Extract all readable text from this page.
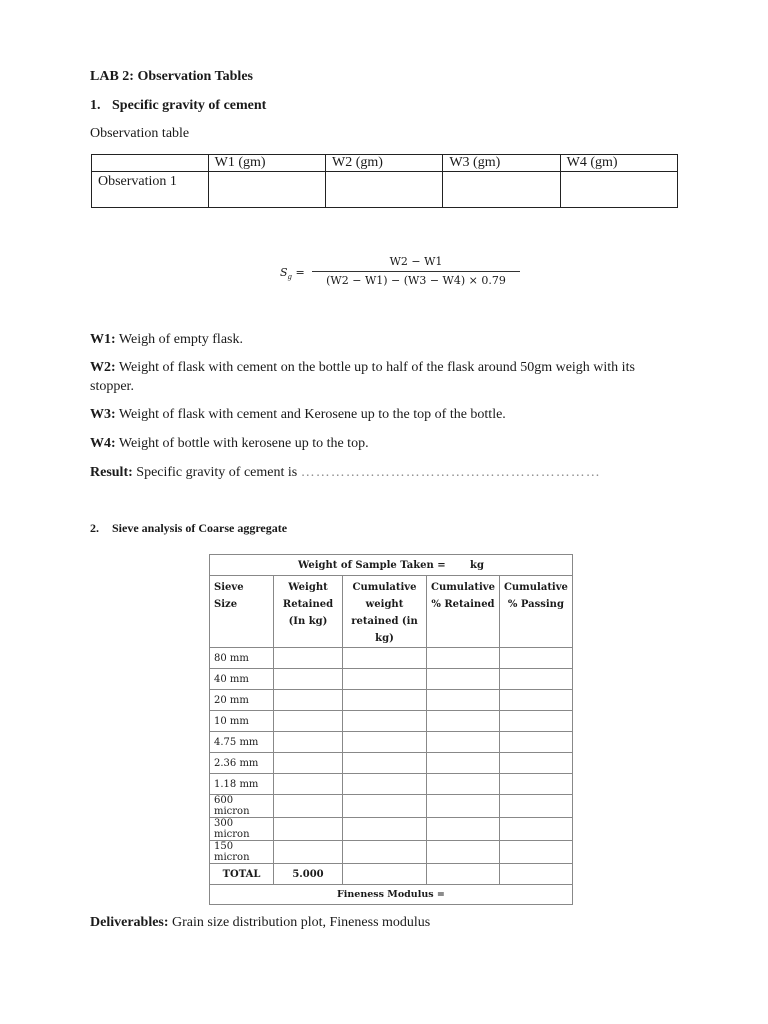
LAB 2: Observation Tables
1. Specific gravity of cement
Observation table
	W1 (gm)	W2 (gm)	W3 (gm)	W4 (gm)
Observation 1				
$S_g$ =
W2 − W1
(W2 − W1) − (W3 − W4) × 0.79
W1: Weigh of empty flask.
W2: Weight of flask with cement on the bottle up to half of the flask around 50gm weigh with its stopper.
W3: Weight of flask with cement and Kerosene up to the top of the bottle.
W4: Weight of bottle with kerosene up to the top.
Result: Specific gravity of cement is ……………………………………………………
2. Sieve analysis of Coarse aggregate
Weight of Sample Taken = kg				
Sieve Size	Weight Retained (In kg)	Cumulative weight retained (in kg)	Cumulative % Retained	Cumulative % Passing
80 mm				
40 mm				
20 mm				
10 mm				
4.75 mm				
2.36 mm				
1.18 mm				
600 micron				
300 micron				
150 micron				
TOTAL	5.000			
Fineness Modulus =				
Deliverables: Grain size distribution plot, Fineness modulus
